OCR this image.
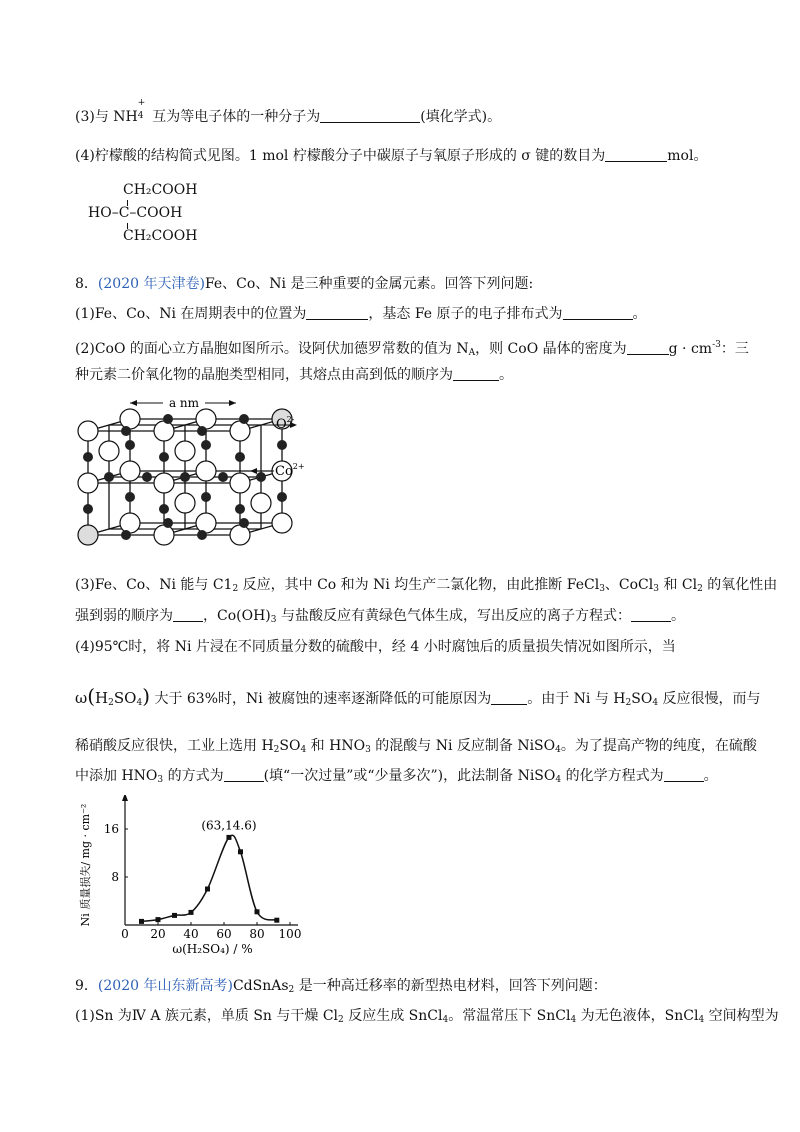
(3)与 NH
+
$^4$ 互为等电子体的一种分子为	(填化学式)。
(4)柠檬酸的结构简式见图。1 mol 柠檬酸分子中碳原子与氧原子形成的 σ 键的数目为	mol。
CH₂COOH
HO–C–COOH
CH₂COOH
8．(2020 年天津卷)Fe、Co、Ni 是三种重要的金属元素。回答下列问题:
(1)Fe、Co、Ni 在周期表中的位置为	，基态 Fe 原子的电子排布式为	。
(2)CoO 的面心立方晶胞如图所示。设阿伏加德罗常数的值为 $N_A$，则 CoO 晶体的密度为	$g \cdot cm^{-3}$：三
种元素二价氧化物的晶胞类型相同，其熔点由高到低的顺序为	。
a nm
$O^{2-}$
$Co^{2+}$
(3)Fe、Co、Ni 能与 $C1_2$ 反应，其中 Co 和为 Ni 均生产二氯化物，由此推断 FeCl$_3$、CoCl$_3$ 和 $Cl_2$ 的氧化性由
强到弱的顺序为 ，$Co(OH)_3$ 与盐酸反应有黄绿色气体生成，写出反应的离子方程式：	。
(4)95℃时，将 Ni 片浸在不同质量分数的硫酸中，经 4 小时腐蚀后的质量损失情况如图所示，当
$\omega(H_2SO_4)$ 大于 63%时，Ni 被腐蚀的速率逐渐降低的可能原因为	。由于 Ni 与 $H_2SO_4$ 反应很慢，而与
稀硝酸反应很快，工业上选用 $H_2SO_4$ 和 $HNO_3$ 的混酸与 Ni 反应制备 NiSO$_4$。为了提高产物的纯度，在硫酸
中添加 $HNO_3$ 的方式为	(填“一次过量”或“少量多次”)，此法制备 NiSO$_4$ 的化学方程式为	。
0 20 40 60 80 100
8
16
ω(H₂SO₄) / %
Ni 质量损失/ mg · cm⁻²	(63,14.6)
9．(2020 年山东新高考)CdSnAs$_2$ 是一种高迁移率的新型热电材料，回答下列问题：
(1)Sn 为Ⅳ A 族元素，单质 Sn 与干燥 $Cl_2$ 反应生成 SnCl$_4$。常温常压下 SnCl$_4$ 为无色液体，SnCl$_4$ 空间构型为
